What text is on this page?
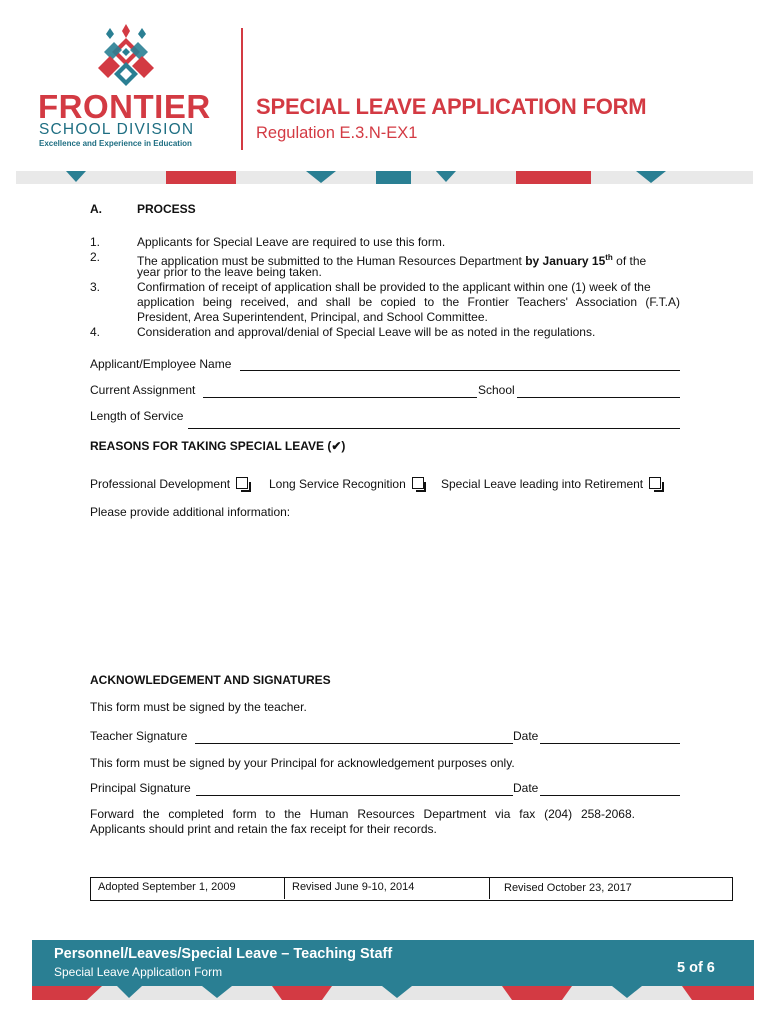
FRONTIER
SCHOOL DIVISION
Excellence and Experience in Education
SPECIAL LEAVE APPLICATION FORM
Regulation E.3.N-EX1
A.	PROCESS
1.	Applicants for Special Leave are required to use this form.
2.	The application must be submitted to the Human Resources Department by January 15th of the
year prior to the leave being taken.
3.	Confirmation of receipt of application shall be provided to the applicant within one (1) week of the
application being received, and shall be copied to the Frontier Teachers' Association (F.T.A)
President, Area Superintendent, Principal, and School Committee.
4.	Consideration and approval/denial of Special Leave will be as noted in the regulations.
Applicant/Employee Name
Current Assignment	School
Length of Service
REASONS FOR TAKING SPECIAL LEAVE (✔)
Professional Development	Long Service Recognition	Special Leave leading into Retirement
Please provide additional information:
ACKNOWLEDGEMENT AND SIGNATURES
This form must be signed by the teacher.
Teacher Signature	Date
This form must be signed by your Principal for acknowledgement purposes only.
Principal Signature	Date
Forward the completed form to the Human Resources Department via fax (204) 258-2068.
Applicants should print and retain the fax receipt for their records.
Adopted September 1, 2009	Revised June 9-10, 2014	Revised October 23, 2017
Personnel/Leaves/Special Leave – Teaching Staff
Special Leave Application Form	5 of 6
